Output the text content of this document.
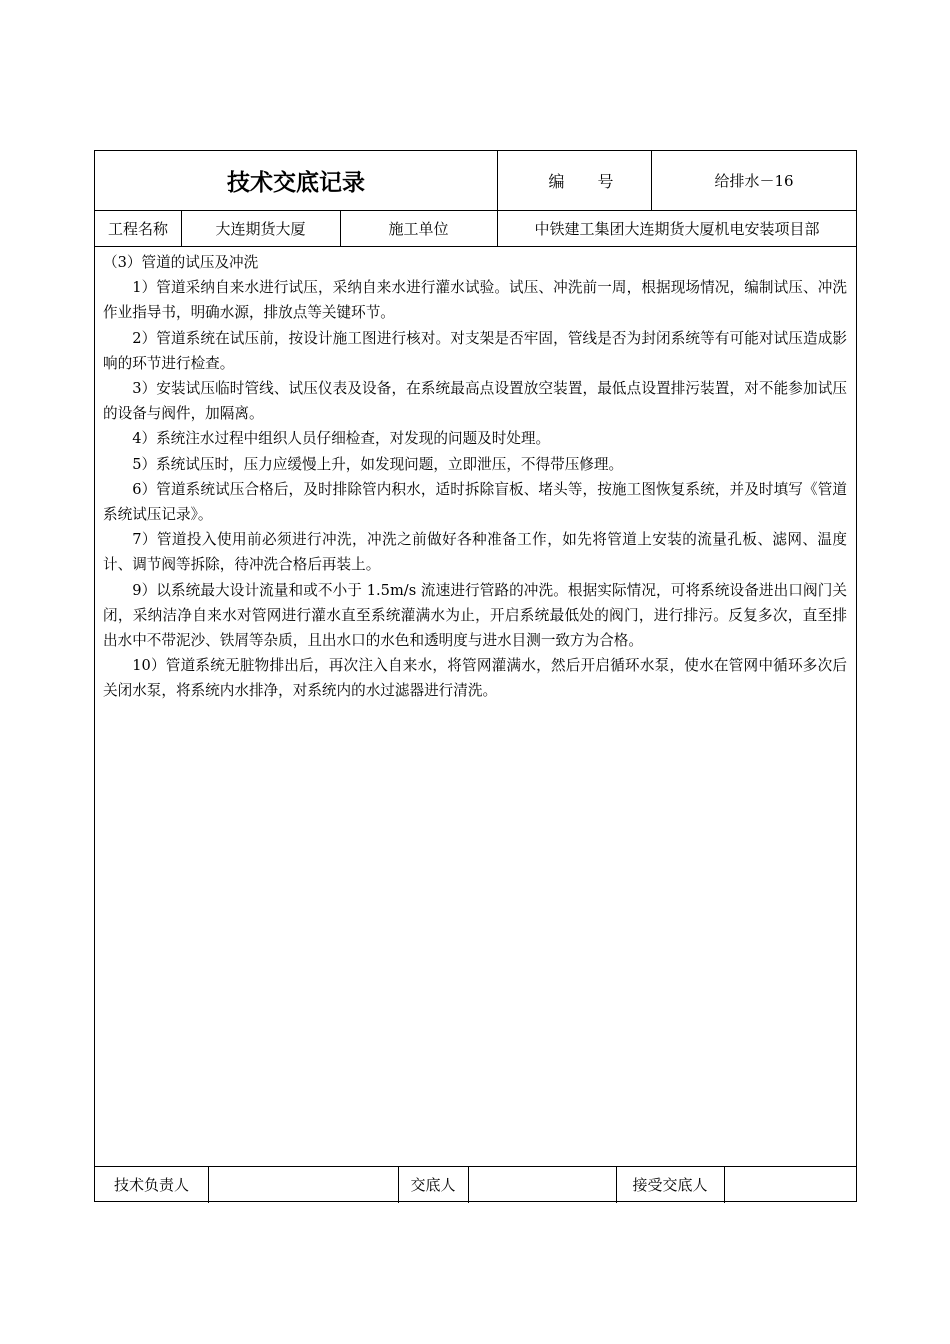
技术交底记录	编 号	给排水－16
工程名称	大连期货大厦	施工单位	中铁建工集团大连期货大厦机电安装项目部

（3）管道的试压及冲洗

1）管道采纳自来水进行试压，采纳自来水进行灌水试验。试压、冲洗前一周，根据现场情况，编制试压、冲洗作业指导书，明确水源，排放点等关键环节。

2）管道系统在试压前，按设计施工图进行核对。对支架是否牢固，管线是否为封闭系统等有可能对试压造成影响的环节进行检查。

3）安装试压临时管线、试压仪表及设备，在系统最高点设置放空装置，最低点设置排污装置，对不能参加试压的设备与阀件，加隔离。

4）系统注水过程中组织人员仔细检查，对发现的问题及时处理。

5）系统试压时，压力应缓慢上升，如发现问题，立即泄压，不得带压修理。

6）管道系统试压合格后，及时排除管内积水，适时拆除盲板、堵头等，按施工图恢复系统，并及时填写《管道系统试压记录》。

7）管道投入使用前必须进行冲洗，冲洗之前做好各种准备工作，如先将管道上安装的流量孔板、滤网、温度计、调节阀等拆除，待冲洗合格后再装上。

9）以系统最大设计流量和或不小于 1.5m/s 流速进行管路的冲洗。根据实际情况，可将系统设备进出口阀门关闭，采纳洁净自来水对管网进行灌水直至系统灌满水为止，开启系统最低处的阀门，进行排污。反复多次，直至排出水中不带泥沙、铁屑等杂质，且出水口的水色和透明度与进水目测一致方为合格。

10）管道系统无脏物排出后，再次注入自来水，将管网灌满水，然后开启循环水泵，使水在管网中循环多次后关闭水泵，将系统内水排净，对系统内的水过滤器进行清洗。

技术负责人	交底人	接受交底人
